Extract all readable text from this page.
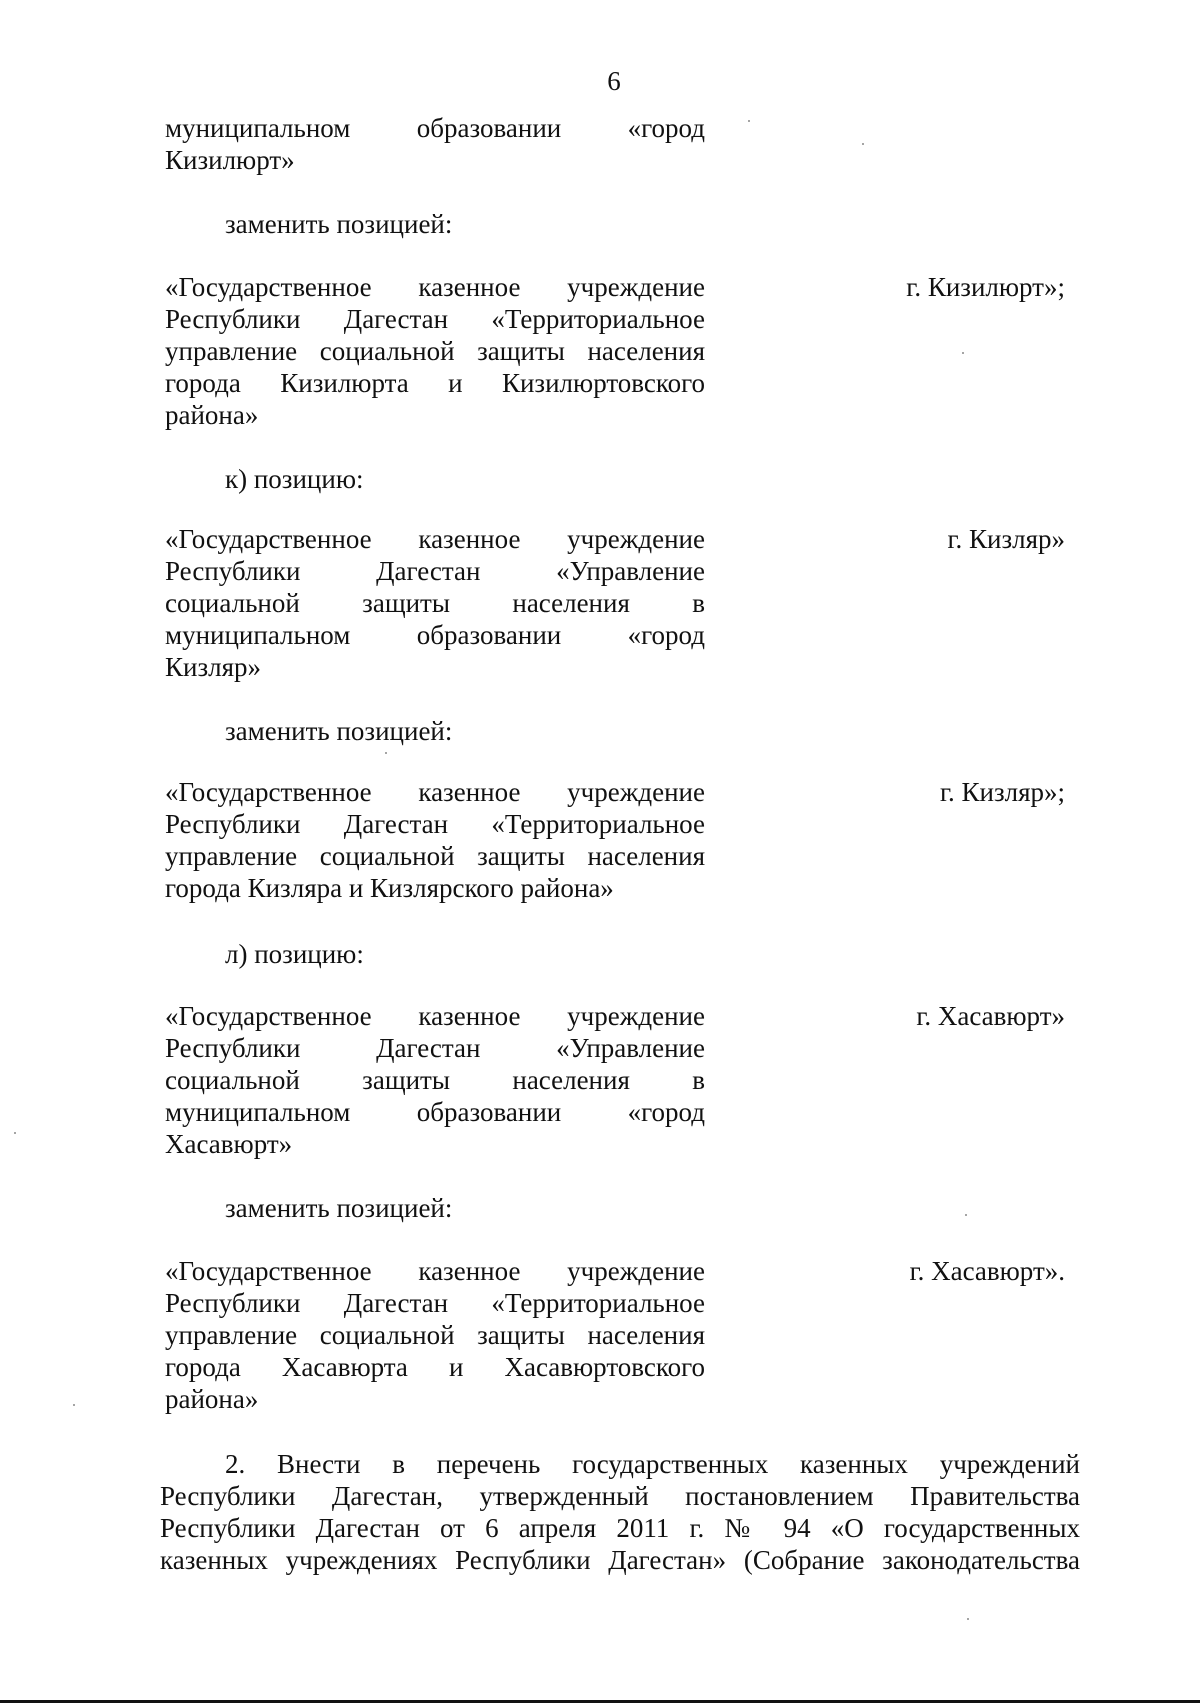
6
муниципальном образовании «город
Кизилюрт»
заменить позицией:
«Государственное казенное учреждение
Республики Дагестан «Территориальное
управление социальной защиты населения
города Кизилюрта и Кизилюртовского
района»
г. Кизилюрт»;
к) позицию:
«Государственное казенное учреждение
Республики Дагестан «Управление
социальной защиты населения в
муниципальном образовании «город
Кизляр»
г. Кизляр»
заменить позицией:
«Государственное казенное учреждение
Республики Дагестан «Территориальное
управление социальной защиты населения
города Кизляра и Кизлярского района»
г. Кизляр»;
л) позицию:
«Государственное казенное учреждение
Республики Дагестан «Управление
социальной защиты населения в
муниципальном образовании «город
Хасавюрт»
г. Хасавюрт»
заменить позицией:
«Государственное казенное учреждение
Республики Дагестан «Территориальное
управление социальной защиты населения
города Хасавюрта и Хасавюртовского
района»
г. Хасавюрт».
2. Внести в перечень государственных казенных учреждений
Республики Дагестан, утвержденный постановлением Правительства
Республики Дагестан от 6 апреля 2011 г. № 94 «О государственных
казенных учреждениях Республики Дагестан» (Собрание законодательства
